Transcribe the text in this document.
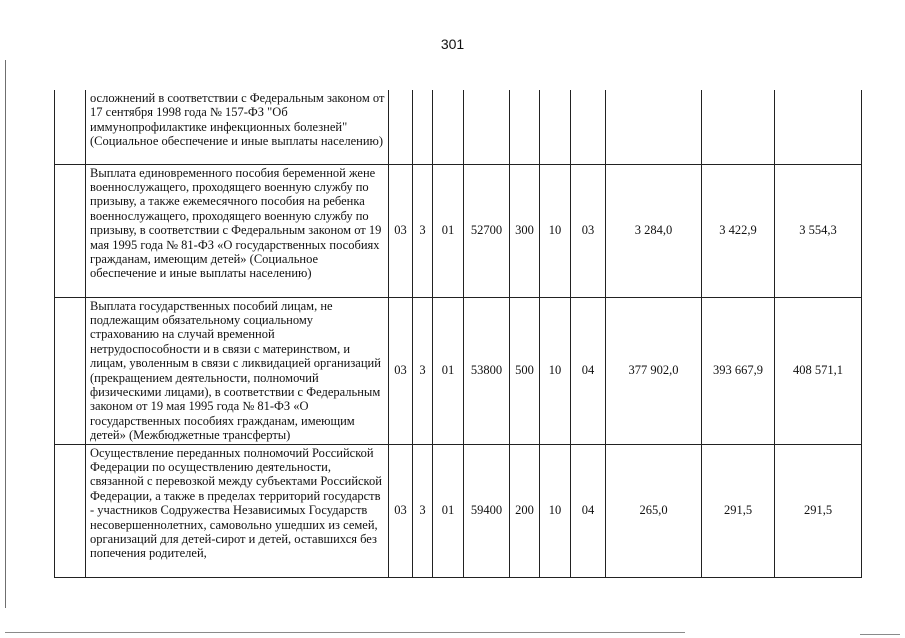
301
	осложнений в соответствии с Федеральным законом от 17 сентября 1998 года № 157-ФЗ "Об иммунопрофилактике инфекционных болезней" (Социальное обеспечение и иные выплаты населению)										
	Выплата единовременного пособия беременной жене военнослужащего, проходящего военную службу по призыву, а также ежемесячного пособия на ребенка военнослужащего, проходящего военную службу по призыву, в соответствии с Федеральным законом от 19 мая 1995 года № 81-ФЗ «О государственных пособиях гражданам, имеющим детей» (Социальное обеспечение и иные выплаты населению)	03	3	01	52700	300	10	03	3 284,0	3 422,9	3 554,3
	Выплата государственных пособий лицам, не подлежащим обязательному социальному страхованию на случай временной нетрудоспособности и в связи с материнством, и лицам, уволенным в связи с ликвидацией организаций (прекращением деятельности, полномочий физическими лицами), в соответствии с Федеральным законом от 19 мая 1995 года № 81-ФЗ «О государственных пособиях гражданам, имеющим детей» (Межбюджетные трансферты)	03	3	01	53800	500	10	04	377 902,0	393 667,9	408 571,1
	Осуществление переданных полномочий Российской Федерации по осуществлению деятельности, связанной с перевозкой между субъектами Российской Федерации, а также в пределах территорий государств - участников Содружества Независимых Государств несовершеннолетних, самовольно ушедших из семей, организаций для детей-сирот и детей, оставшихся без попечения родителей,	03	3	01	59400	200	10	04	265,0	291,5	291,5
